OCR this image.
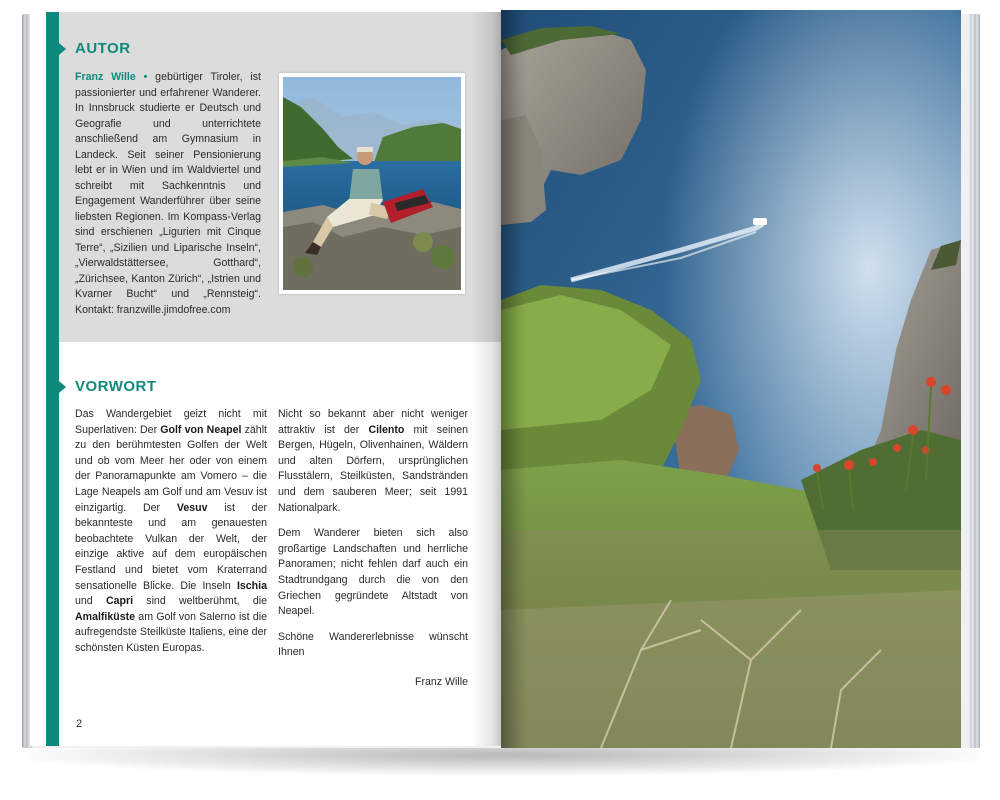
AUTOR

Franz Wille • gebürtiger Tiroler, ist passionierter und erfahrener Wanderer. In Innsbruck studierte er Deutsch und Geografie und unterrichtete anschließend am Gymnasium in Landeck. Seit seiner Pensionierung lebt er in Wien und im Waldviertel und schreibt mit Sachkenntnis und Engagement Wanderführer über seine liebsten Regionen. Im Kompass-Verlag sind erschienen „Ligurien mit Cinque Terre“, „Sizilien und Liparische Inseln“, „Vierwaldstättersee, Gotthard“, „Zürichsee, Kanton Zürich“, „Istrien und Kvarner Bucht“ und „Rennsteig“. Kontakt: franzwille.jimdofree.com

VORWORT

Das Wandergebiet geizt nicht mit Superlativen: Der Golf von Neapel zählt zu den berühmtesten Golfen der Welt und ob vom Meer her oder von einem der Panoramapunkte am Vomero – die Lage Neapels am Golf und am Vesuv ist einzigartig. Der Vesuv ist der bekannteste und am genauesten beobachtete Vulkan der Welt, der einzige aktive auf dem europäischen Festland und bietet vom Kraterrand sensationelle Blicke. Die Inseln Ischia und Capri sind weltberühmt, die Amalfiküste am Golf von Salerno ist die aufregendste Steilküste Italiens, eine der schönsten Küsten Europas.

Nicht so bekannt aber nicht weniger attraktiv ist der Cilento mit seinen Bergen, Hügeln, Olivenhainen, Wäldern und alten Dörfern, ursprünglichen Flusstälern, Steilküsten, Sandstränden und dem sauberen Meer; seit 1991 Nationalpark.

Dem Wanderer bieten sich also großartige Landschaften und herrliche Panoramen; nicht fehlen darf auch ein Stadtrundgang durch die von den Griechen gegründete Altstadt von Neapel.

Schöne Wandererlebnisse wünscht Ihnen

Franz Wille

2
